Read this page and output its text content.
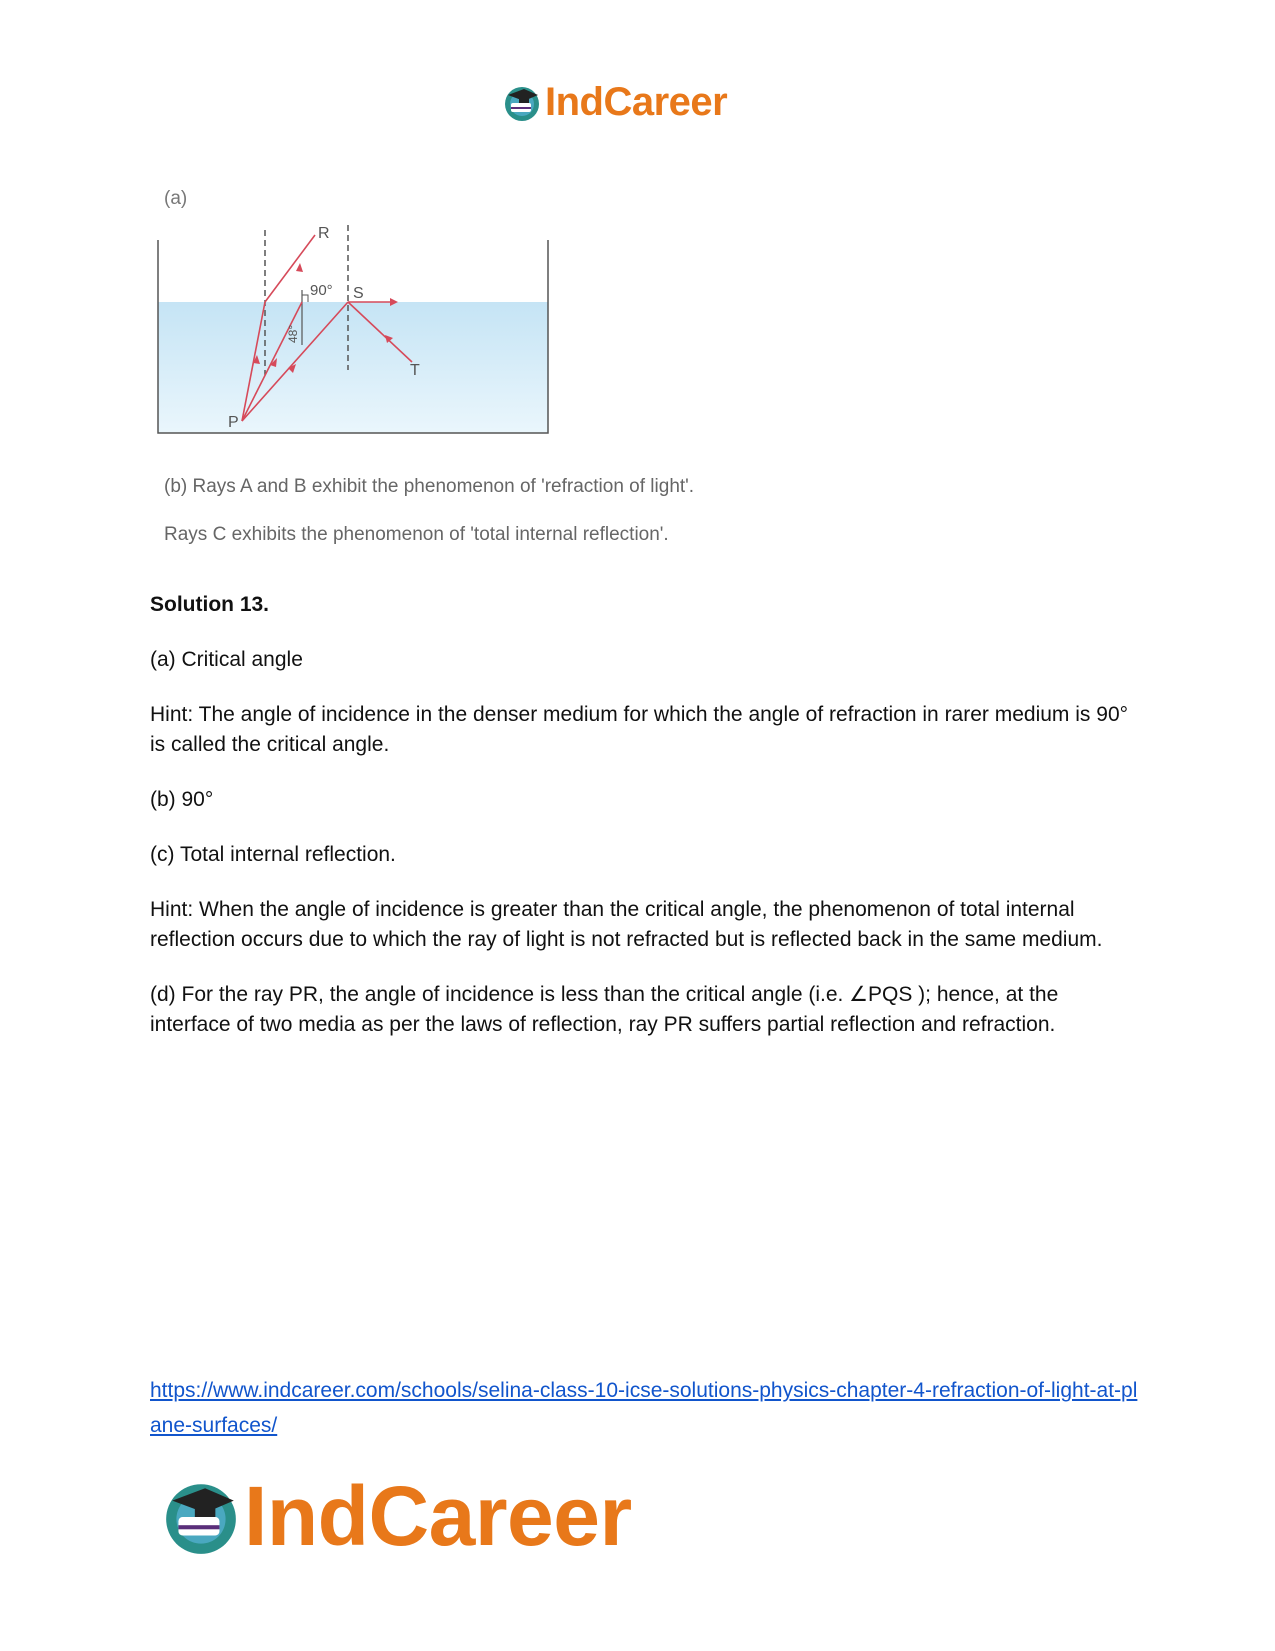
IndCareer
(a)
R
90° S
48°
T
P
(b) Rays A and B exhibit the phenomenon of 'refraction of light'.
Rays C exhibits the phenomenon of 'total internal reflection'.

Solution 13.

(a) Critical angle

Hint: The angle of incidence in the denser medium for which the angle of refraction in rarer medium is 90° is called the critical angle.

(b) 90°

(c) Total internal reflection.

Hint: When the angle of incidence is greater than the critical angle, the phenomenon of total internal reflection occurs due to which the ray of light is not refracted but is reflected back in the same medium.

(d) For the ray PR, the angle of incidence is less than the critical angle (i.e. ∠PQS ); hence, at the interface of two media as per the laws of reflection, ray PR suffers partial reflection and refraction.

https://www.indcareer.com/schools/selina-class-10-icse-solutions-physics-chapter-4-refraction-of-light-at-plane-surfaces/
IndCareer
